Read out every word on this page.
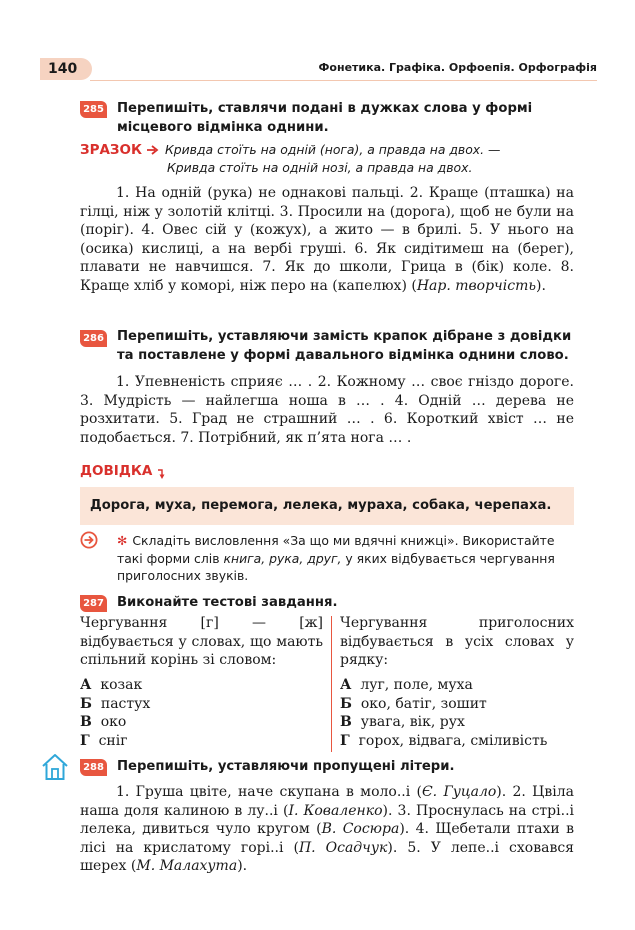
140	Фонетика. Графіка. Орфоепія. Орфографія
285 Перепишіть, ставлячи подані в дужках слова у формі
місцевого відмінка однини.
ЗРАЗОК Кривда стоїть на одній (нога), а правда на двох. —
Кривда стоїть на одній нозі, а правда на двох.
1. На одній (рука) не однакові пальці. 2. Краще (пташка) на гілці, ніж у золотій клітці. 3. Просили на (дорога), щоб не були на (поріг). 4. Овес сій у (кожух), а жито — в брилі. 5. У нього на (осика) кислиці, а на вербі груші. 6. Як сидітимеш на (берег), плавати не навчишся. 7. Як до школи, Грица в (бік) коле. 8. Краще хліб у коморі, ніж перо на (капелюх) (Нар. творчість).
286 Перепишіть, уставляючи замість крапок дібране з довідки
та поставлене у формі давального відмінка однини слово.
1. Упевненість сприяє … . 2. Кожному … своє гніздо дороге. 3. Мудрість — найлегша ноша в … . 4. Одній … дерева не розхитати. 5. Град не страшний … . 6. Короткий хвіст … не подобається. 7. Потрібний, як п’ята нога … .
ДОВІДКА
Дорога, муха, перемога, лелека, мураха, собака, черепаха.
✻ Складіть висловлення «За що ми вдячні книжці». Використайте такі форми слів книга, рука, друг, у яких відбувається чергування приголосних звуків.
287 Виконайте тестові завдання.
Чергування [г] — [ж] відбувається у словах, що мають спільний корінь зі словом:
А козак
Б пастух
В око
Г сніг
Чергування приголосних відбувається в усіх словах у рядку:
А луг, поле, муха
Б око, батіг, зошит
В увага, вік, рух
Г горох, відвага, сміливість
288 Перепишіть, уставляючи пропущені літери.
1. Груша цвіте, наче скупана в моло..і (Є. Гуцало). 2. Цвіла наша доля калиною в лу..і (І. Коваленко). 3. Проснулась на стрі..і лелека, дивиться чуло кругом (В. Сосюра). 4. Щебетали птахи в лісі на крислатому горі..і (П. Осадчук). 5. У лепе..і сховався шерех (М. Малахута).
